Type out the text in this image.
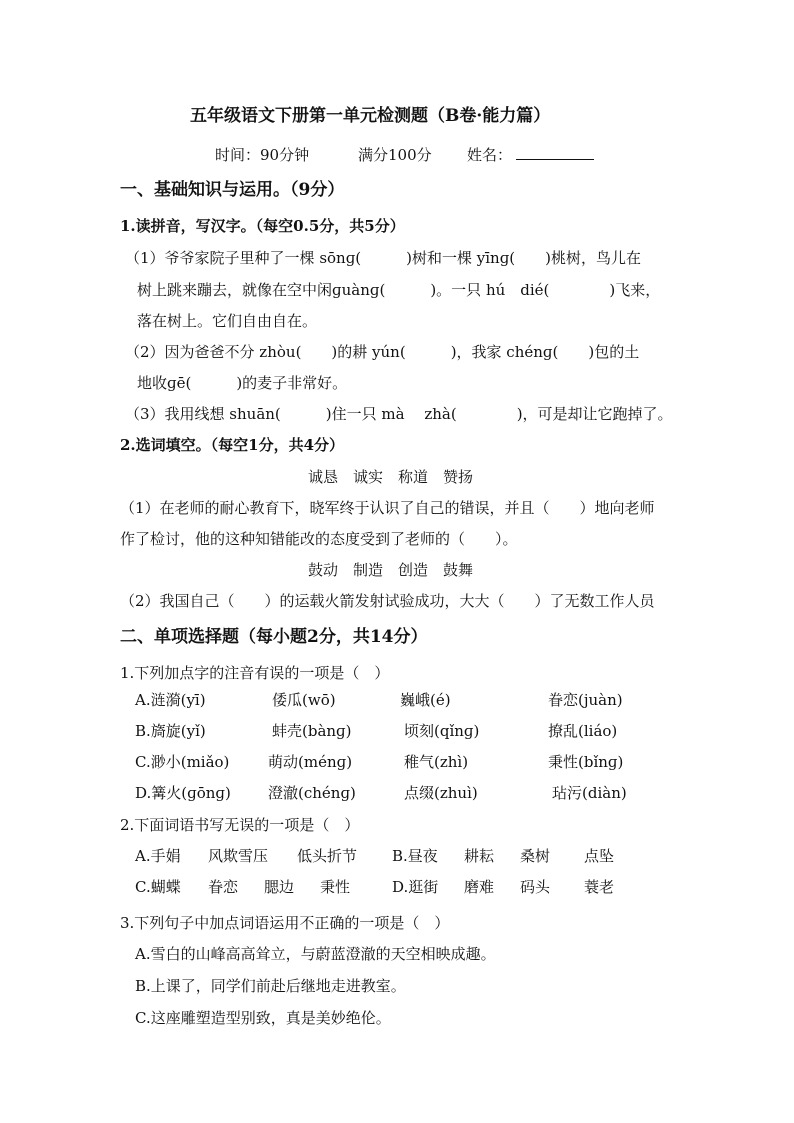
五年级语文下册第一单元检测题（B卷·能力篇）
时间：90分钟	满分100分 姓名：
一、基础知识与运用。（9分）
1.读拼音，写汉字。（每空0.5分，共5分）
（1）爷爷家院子里种了一棵 sōnɡ(　　　)树和一棵 yīnɡ(　　)桃树，鸟儿在
树上跳来蹦去，就像在空中闲ɡuànɡ(　　　)。一只 hú　dié(　　　　)飞来，
落在树上。它们自由自在。
（2）因为爸爸不分 zhòu(　　)的耕 yún(　　　)，我家 chénɡ(　　)包的土
地收ɡē(　　　)的麦子非常好。
（3）我用线想 shuān(　　　)住一只 mà　 zhà(　　　　)，可是却让它跑掉了。
2.选词填空。（每空1分，共4分）
诚恳　诚实　称道　赞扬
（1）在老师的耐心教育下，晓军终于认识了自己的错误，并且（　　）地向老师
作了检讨，他的这种知错能改的态度受到了老师的（　　）。
鼓动　制造　创造　鼓舞
（2）我国自己（　　）的运载火箭发射试验成功，大大（　　）了无数工作人员
二、单项选择题（每小题2分，共14分）
1.下列加点字的注音有误的一项是（　）
A.涟漪(yī)	倭瓜(wō)	巍峨(é)	眷恋(juàn)
B.旖旋(yǐ)	蚌壳(bànɡ)	顷刻(qǐnɡ)	撩乱(liáo)
C.渺小(miǎo)	萌动(ménɡ)	稚气(zhì)	秉性(bǐnɡ)
D.篝火(ɡōnɡ) 澄澈(chénɡ)	点缀(zhuì)	玷污(diàn)
2.下面词语书写无误的一项是（　）
A.手娟 风欺雪压 低头折节 B.昼夜 耕耘 桑树 点坠
C.蝴蝶 眷恋 腮边 秉性	D.逛街 磨难 码头 蓑老
3.下列句子中加点词语运用不正确的一项是（　）
A.雪白的山峰高高耸立，与蔚蓝澄澈的天空相映成趣。
B.上课了，同学们前赴后继地走进教室。
C.这座雕塑造型别致，真是美妙绝伦。
